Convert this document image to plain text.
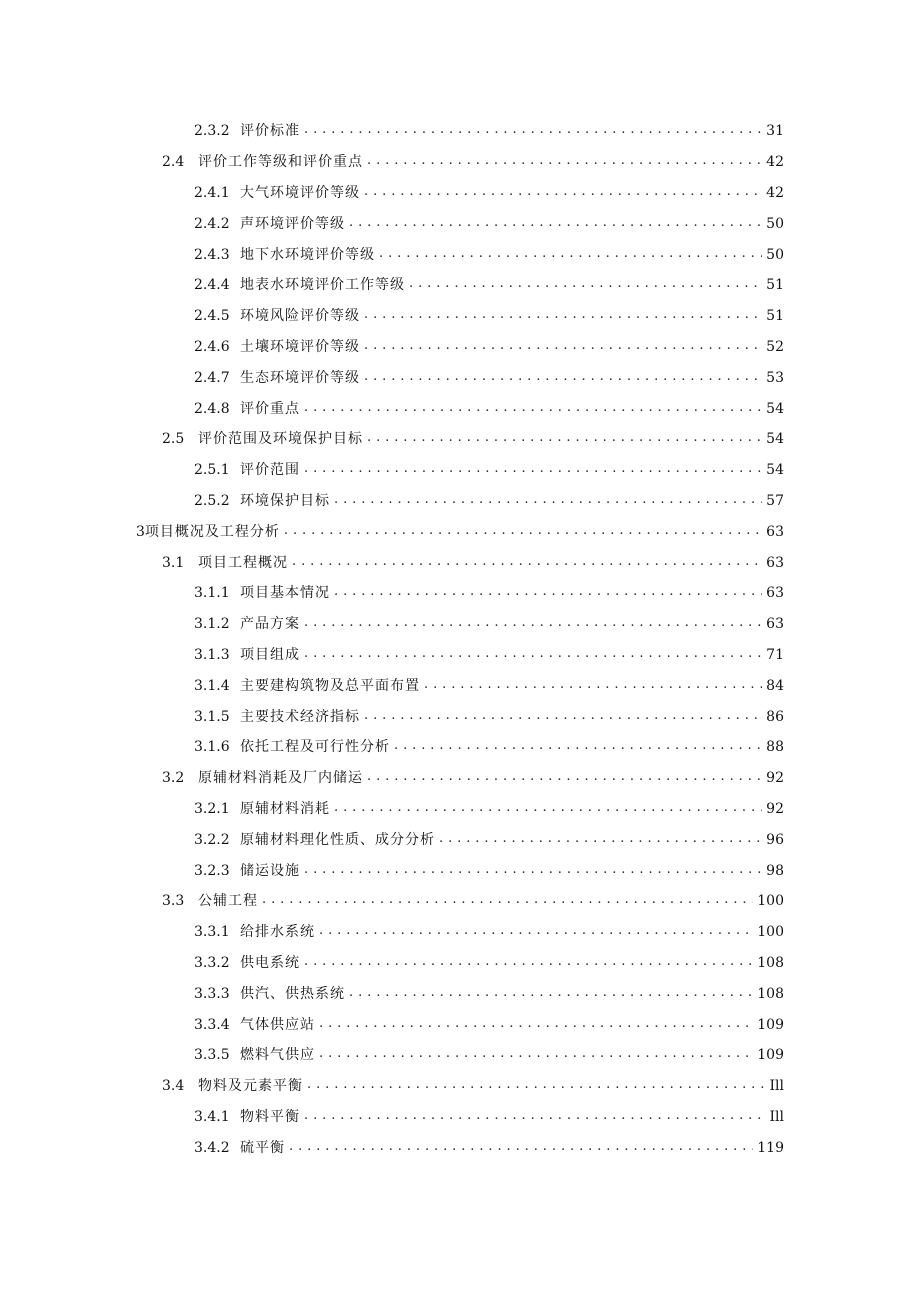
2.3.2 评价标准 . . .	31
2.4 评价工作等级和评价重点 . . .	42
2.4.1 大气环境评价等级 . . .	42
2.4.2 声环境评价等级 . . .	50
2.4.3 地下水环境评价等级 . . .	50
2.4.4 地表水环境评价工作等级 . . .	51
2.4.5 环境风险评价等级 . . .	51
2.4.6 土壤环境评价等级 . . .	52
2.4.7 生态环境评价等级 . . .	53
2.4.8 评价重点 . . .	54
2.5 评价范围及环境保护目标 . . .	54
2.5.1 评价范围 . . .	54
2.5.2 环境保护目标 . . .	57
3 项目概况及工程分析 . . .	63
3.1 项目工程概况 . . .	63
3.1.1 项目基本情况 . . .	63
3.1.2 产品方案 . . .	63
3.1.3 项目组成 . . .	71
3.1.4 主要建构筑物及总平面布置 . . .	84
3.1.5 主要技术经济指标 . . .	86
3.1.6 依托工程及可行性分析 . . .	88
3.2 原辅材料消耗及厂内储运 . . .	92
3.2.1 原辅材料消耗 . . .	92
3.2.2 原辅材料理化性质、成分分析 . . .	96
3.2.3 储运设施 . . .	98
3.3 公辅工程 . . .	100
3.3.1 给排水系统 . . .	100
3.3.2 供电系统 . . .	108
3.3.3 供汽、供热系统 . . .	108
3.3.4 气体供应站 . . .	109
3.3.5 燃料气供应 . . .	109
3.4 物料及元素平衡 . . .	Ill
3.4.1 物料平衡 . . .	Ill
3.4.2 硫平衡 . . .	119
